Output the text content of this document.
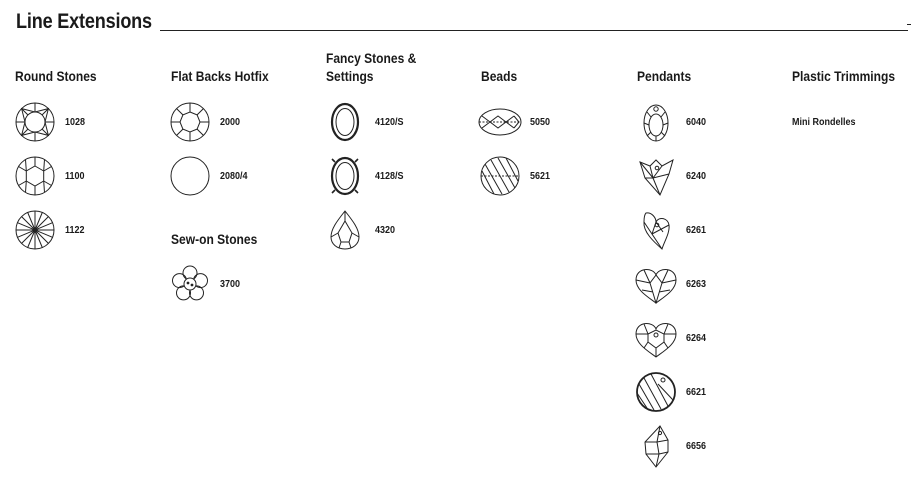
Line Extensions
Round Stones
1028
1100
1122
Flat Backs Hotfix
2000
2080/4
Sew-on Stones
3700
Fancy Stones &
Settings
4120/S
4128/S
4320
Beads
5050
5621
Pendants
6040
6240
6261
6263
6264
6621
6656
Plastic Trimmings
Mini Rondelles
